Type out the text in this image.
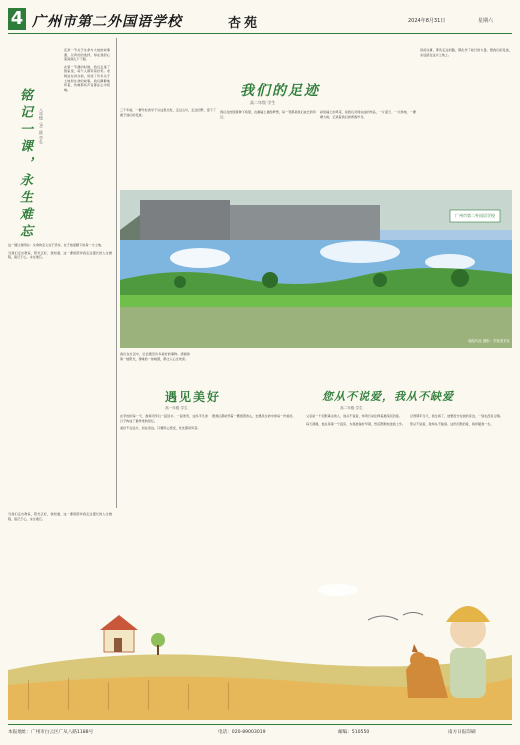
4 广州市第二外国语学校	杏苑	2024年8月31日	星期六
铭记一课，永生难忘	八年级（9）班 学生

还是一节关于生命与大地的故事课，以再好的选择，却在我的心里深深扎下了根。

在第一节课的时候，我们走进了教室里，每个人都带着好奇。老师站在讲台前，讲述了许多关于土地和生命的故事，我们静静地听着，仿佛那些声音都在心中回响。

这一课让我明白：生命的意义在于坚持，在于热爱脚下的每一寸土地。

当我们走出教室，阳光正好，我知道，这一课将陪伴我走过漫长的人生旅程，铭记于心，永生难忘。

我们的足迹
高二年级 学生

三千年前，一群年轻的学子从这里出发，走过山川，走过田野，留下了属于他们的足迹。

我们在校园里种下希望，在画墙上描绘梦想，每一笔都是我们成长的印记。

彩绘墙上的风景，是我们共同完成的作品，一片蓝天、一片绿地、一棵棵大树，记录着我们的青春岁月。

回首往事，那些走过的路，都化作了前行的力量。愿我们的足迹，永远留在这片土地上。

广州市第二外国语学校
墙绘作品 摄影：学校美术社

我们在生活中，总会遇见许多美好的事物。清晨的第一缕阳光，傍晚的一抹晚霞，都让人心生欢喜。

遇见美好
高一年级 学生

在学校的每一天，我和同学们一起读书、一起欢笑，这些平凡的日子构成了最珍贵的回忆。

美好不在远方，而在身边。只要用心感受，处处都是风景。

愿我们都能怀着一颗感恩的心，去遇见生命中的每一份美好。

您从不说爱，我从不缺爱
高二年级 学生

父亲是一个沉默寡言的人，他从不说爱，却用行动诠释着最深沉的爱。

每天清晨，他总是第一个起床，为我准备好早餐，然后默默地送我上学。

记得那年冬天，我生病了，他整夜守在我的床边，一刻也没有合眼。

您从不说爱，我却从不缺爱。这份沉默的爱，将伴随我一生。

当我们走出教室，阳光正好，我知道，这一课将陪伴我走过漫长的人生旅程，铭记于心，永生难忘。

本报地址：广州市白云区广从八路1188号	电话：020-89003019	邮编：510550	南方日报印刷
